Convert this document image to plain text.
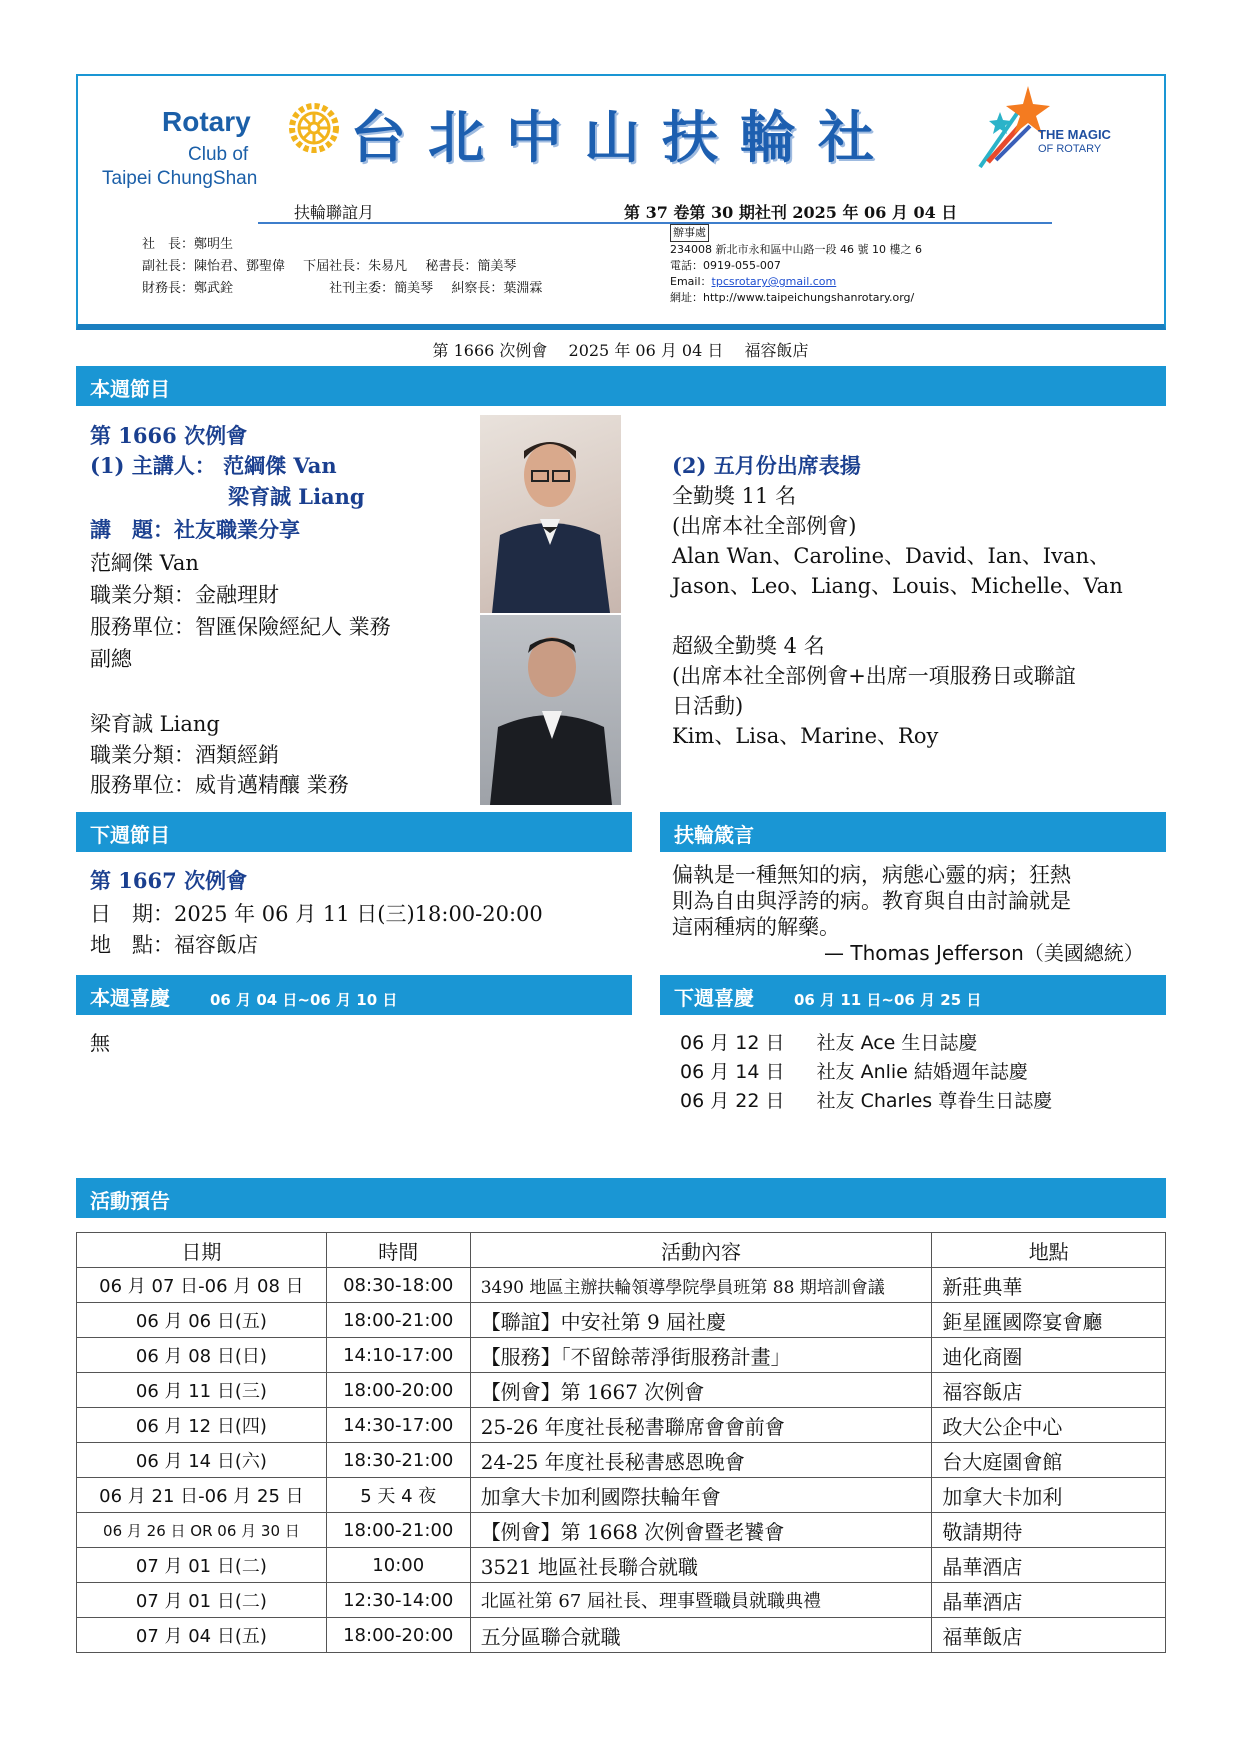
Rotary
Club of
Taipei ChungShan
台北中山扶輪社	THE MAGIC
OF ROTARY
扶輪聯誼月	第 37 卷第 30 期社刊 2025 年 06 月 04 日
社　長：鄭明生
副社長：陳怡君、鄧聖偉 下屆社長：朱易凡 秘書長：簡美琴
財務長：鄭武銓	社刊主委：簡美琴 糾察長：葉淵霖
辦事處
234008 新北市永和區中山路一段 46 號 10 樓之 6
電話：0919-055-007
Email：tpcsrotary@gmail.com
網址：http://www.taipeichungshanrotary.org/
第 1666 次例會　 2025 年 06 月 04 日　 福容飯店
本週節目
第 1666 次例會
(1) 主講人： 范綱傑 Van
梁育誠 Liang
講　題：社友職業分享
范綱傑 Van
職業分類：金融理財
服務單位：智匯保險經紀人 業務
副總
梁育誠 Liang
職業分類：酒類經銷
服務單位：威肯邁精釀 業務
(2) 五月份出席表揚
全勤獎 11 名
(出席本社全部例會)
Alan Wan、Caroline、David、Ian、Ivan、
Jason、Leo、Liang、Louis、Michelle、Van
超級全勤獎 4 名
(出席本社全部例會+出席一項服務日或聯誼
日活動)
Kim、Lisa、Marine、Roy
下週節目	扶輪箴言
第 1667 次例會
日　期：2025 年 06 月 11 日(三)18:00-20:00
地　點：福容飯店
偏執是一種無知的病，病態心靈的病；狂熱
則為自由與浮誇的病。教育與自由討論就是
這兩種病的解藥。
— Thomas Jefferson（美國總統）
本週喜慶	06 月 04 日~06 月 10 日	下週喜慶	06 月 11 日~06 月 25 日
無	06 月 12 日 社友 Ace 生日誌慶
06 月 14 日 社友 Anlie 結婚週年誌慶
06 月 22 日 社友 Charles 尊眷生日誌慶
活動預告
日期	時間	活動內容	地點
06 月 07 日-06 月 08 日	08:30-18:00	3490 地區主辦扶輪領導學院學員班第 88 期培訓會議	新莊典華
06 月 06 日(五)	18:00-21:00	【聯誼】中安社第 9 屆社慶	鉅星匯國際宴會廳
06 月 08 日(日)	14:10-17:00	【服務】「不留餘蒂淨街服務計畫」	迪化商圈
06 月 11 日(三)	18:00-20:00	【例會】第 1667 次例會	福容飯店
06 月 12 日(四)	14:30-17:00	25-26 年度社長秘書聯席會會前會	政大公企中心
06 月 14 日(六)	18:30-21:00	24-25 年度社長秘書感恩晚會	台大庭園會館
06 月 21 日-06 月 25 日	5 天 4 夜	加拿大卡加利國際扶輪年會	加拿大卡加利
06 月 26 日 OR 06 月 30 日	18:00-21:00	【例會】第 1668 次例會暨老饕會	敬請期待
07 月 01 日(二)	10:00	3521 地區社長聯合就職	晶華酒店
07 月 01 日(二)	12:30-14:00	北區社第 67 屆社長、理事暨職員就職典禮	晶華酒店
07 月 04 日(五)	18:00-20:00	五分區聯合就職	福華飯店
